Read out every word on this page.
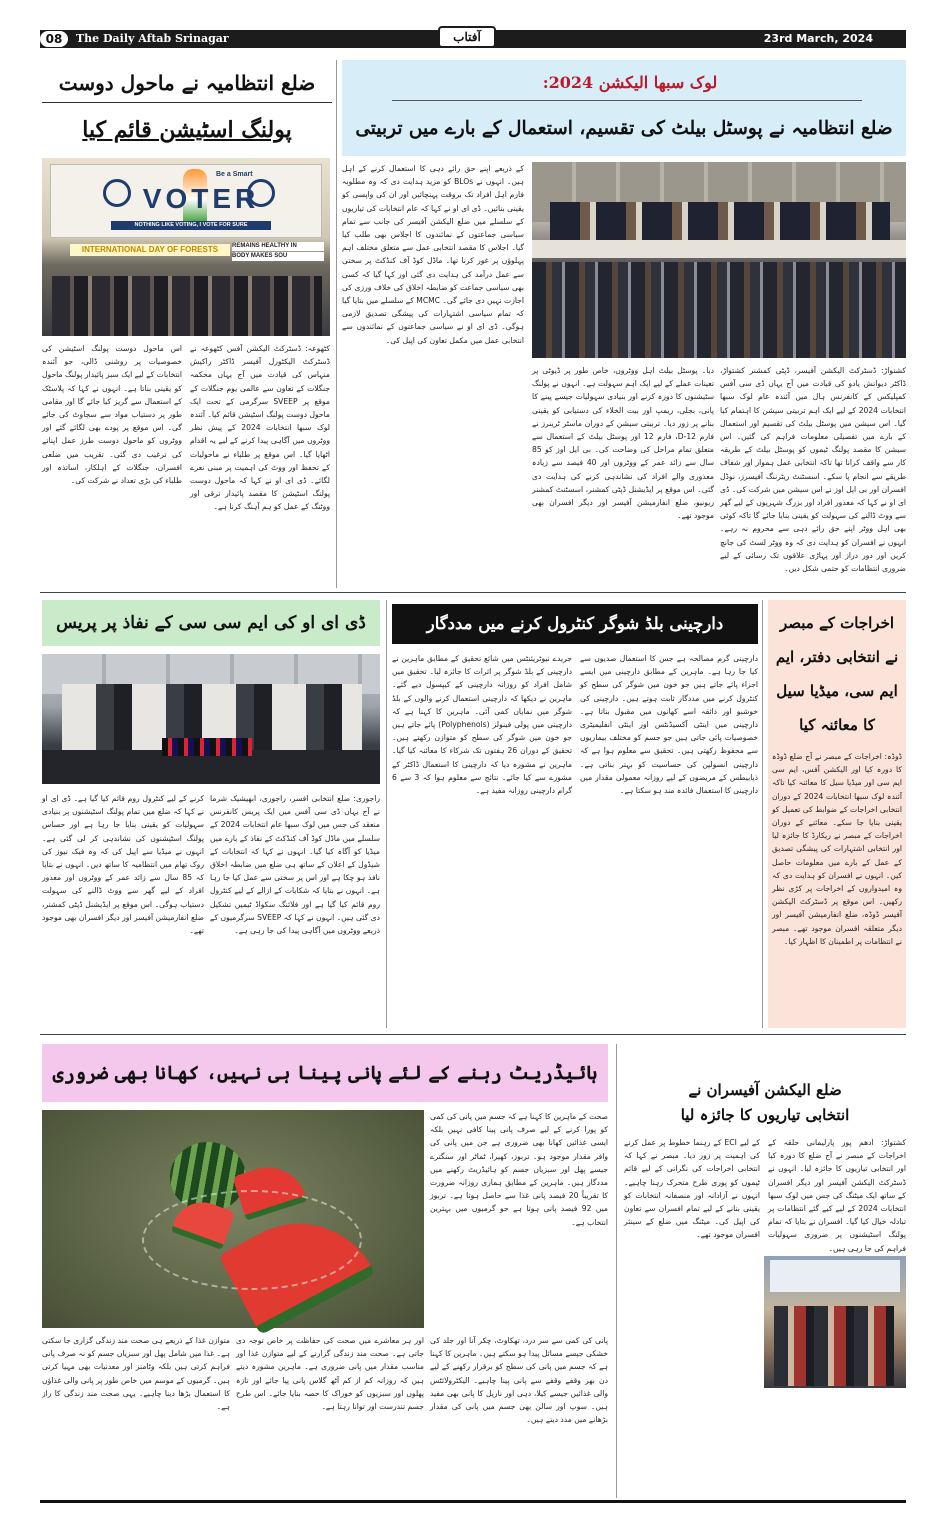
08	The Daily Aftab Srinagar	آفتاب	23rd March, 2024
ضلع انتظامیہ نے ماحول دوست
پولنگ اسٹیشن قائم کیا
Be a Smart
VOTER
NOTHING LIKE VOTING, I VOTE FOR SURE
INTERNATIONAL DAY OF FORESTS	REMAINS HEALTHY IN
BODY MAKES SOU
اس ماحول دوست پولنگ اسٹیشن کی خصوصیات پر روشنی ڈالی، جو آئندہ انتخابات کے لیے ایک سبز پائیدار پولنگ ماحول کو یقینی بناتا ہے۔ انہوں نے کہا کہ پلاسٹک کے استعمال سے گریز کیا جائے گا اور مقامی طور پر دستیاب مواد سے سجاوٹ کی جائے گی۔ اس موقع پر پودے بھی لگائے گئے اور ووٹروں کو ماحول دوست طرز عمل اپنانے کی ترغیب دی گئی۔ تقریب میں ضلعی افسران، جنگلات کے اہلکار، اساتذہ اور طلباء کی بڑی تعداد نے شرکت کی۔
کٹھوعہ: ڈسٹرکٹ الیکشن آفس کٹھوعہ نے ڈسٹرکٹ الیکٹورل آفیسر ڈاکٹر راکیش منہاس کی قیادت میں آج یہاں محکمہ جنگلات کے تعاون سے عالمی یوم جنگلات کے موقع پر SVEEP سرگرمی کے تحت ایک ماحول دوست پولنگ اسٹیشن قائم کیا۔ آئندہ لوک سبھا انتخابات 2024 کے پیش نظر ووٹروں میں آگاہی پیدا کرنے کے لیے یہ اقدام اٹھایا گیا۔ اس موقع پر طلباء نے ماحولیات کے تحفظ اور ووٹ کی اہمیت پر مبنی نعرے لگائے۔ ڈی ای او نے کہا کہ ماحول دوست پولنگ اسٹیشن کا مقصد پائیدار ترقی اور ووٹنگ کے عمل کو ہم آہنگ کرنا ہے۔
لوک سبھا الیکشن 2024:
ضلع انتظامیہ نے پوسٹل بیلٹ کی تقسیم، استعمال کے بارے میں تربیتی
کے ذریعے اپنے حق رائے دہی کا استعمال کرنے کے اہل ہیں۔ انہوں نے BLOs کو مزید ہدایت دی کہ وہ مطلوبہ فارم اہل افراد تک بروقت پہنچائیں اور ان کی واپسی کو یقینی بنائیں۔ ڈی ای او نے کہا کہ عام انتخابات کی تیاریوں کے سلسلے میں ضلع الیکشن آفیسر کی جانب سے تمام سیاسی جماعتوں کے نمائندوں کا اجلاس بھی طلب کیا گیا۔ اجلاس کا مقصد انتخابی عمل سے متعلق مختلف اہم پہلوؤں پر غور کرنا تھا۔ ماڈل کوڈ آف کنڈکٹ پر سختی سے عمل درآمد کی ہدایت دی گئی اور کہا گیا کہ کسی بھی سیاسی جماعت کو ضابطہ اخلاق کی خلاف ورزی کی اجازت نہیں دی جائے گی۔ MCMC کے سلسلے میں بتایا گیا کہ تمام سیاسی اشتہارات کی پیشگی تصدیق لازمی ہوگی۔ ڈی ای او نے سیاسی جماعتوں کے نمائندوں سے انتخابی عمل میں مکمل تعاون کی اپیل کی۔
کشتواڑ: ڈسٹرکٹ الیکشن آفیسر، ڈپٹی کمشنر کشتواڑ، ڈاکٹر دیوانش یادو کی قیادت میں آج یہاں ڈی سی آفس کمپلیکس کے کانفرنس ہال میں آئندہ عام لوک سبھا انتخابات 2024 کے لیے ایک اہم تربیتی سیشن کا اہتمام کیا گیا۔ اس سیشن میں پوسٹل بیلٹ کی تقسیم اور استعمال کے بارے میں تفصیلی معلومات فراہم کی گئیں۔ اس سیشن کا مقصد پولنگ ٹیموں کو پوسٹل بیلٹ کے طریقہ کار سے واقف کرانا تھا تاکہ انتخابی عمل ہموار اور شفاف طریقے سے انجام پا سکے۔ اسسٹنٹ ریٹرننگ آفیسرز، نوڈل افسران اور بی ایل اوز نے اس سیشن میں شرکت کی۔ ڈی ای او نے کہا کہ معذور افراد اور بزرگ شہریوں کے لیے گھر سے ووٹ ڈالنے کی سہولت کو یقینی بنایا جائے گا تاکہ کوئی بھی اہل ووٹر اپنے حق رائے دہی سے محروم نہ رہے۔ انہوں نے افسران کو ہدایت دی کہ وہ ووٹر لسٹ کی جانچ کریں اور دور دراز اور پہاڑی علاقوں تک رسائی کے لیے ضروری انتظامات کو حتمی شکل دیں۔
دیا۔ پوسٹل بیلٹ اہل ووٹروں، خاص طور پر ڈیوٹی پر تعینات عملے کے لیے ایک اہم سہولت ہے۔ انہوں نے پولنگ سٹیشنوں کا دورہ کرنے اور بنیادی سہولیات جیسے پینے کا پانی، بجلی، ریمپ اور بیت الخلاء کی دستیابی کو یقینی بنانے پر زور دیا۔ تربیتی سیشن کے دوران ماسٹر ٹرینرز نے فارم 12-D، فارم 12 اور پوسٹل بیلٹ کے استعمال سے متعلق تمام مراحل کی وضاحت کی۔ بی ایل اوز کو 85 سال سے زائد عمر کے ووٹروں اور 40 فیصد سے زیادہ معذوری والے افراد کی نشاندہی کرنے کی ہدایت دی گئی۔ اس موقع پر ایڈیشنل ڈپٹی کمشنر، اسسٹنٹ کمشنر ریونیو، ضلع انفارمیشن آفیسر اور دیگر افسران بھی موجود تھے۔
ڈی ای او کی ایم سی سی کے نفاذ پر پریس
راجوری: ضلع انتخابی افسر، راجوری، ابھیشیک شرما نے آج یہاں ڈی سی آفس میں ایک پریس کانفرنس منعقد کی جس میں لوک سبھا عام انتخابات 2024 کے سلسلے میں ماڈل کوڈ آف کنڈکٹ کے نفاذ کے بارے میں میڈیا کو آگاہ کیا گیا۔ انہوں نے کہا کہ انتخابات کے شیڈول کے اعلان کے ساتھ ہی ضلع میں ضابطہ اخلاق نافذ ہو چکا ہے اور اس پر سختی سے عمل کیا جا رہا ہے۔ انہوں نے بتایا کہ شکایات کے ازالے کے لیے کنٹرول روم قائم کیا گیا ہے اور فلائنگ سکواڈ ٹیمیں تشکیل دی گئی ہیں۔ انہوں نے کہا کہ SVEEP سرگرمیوں کے ذریعے ووٹروں میں آگاہی پیدا کی جا رہی ہے۔
کرنے کے لیے کنٹرول روم قائم کیا گیا ہے۔ ڈی ای او نے کہا کہ ضلع میں تمام پولنگ اسٹیشنوں پر بنیادی سہولیات کو یقینی بنایا جا رہا ہے اور حساس پولنگ اسٹیشنوں کی نشاندہی کر لی گئی ہے۔ انہوں نے میڈیا سے اپیل کی کہ وہ فیک نیوز کی روک تھام میں انتظامیہ کا ساتھ دیں۔ انہوں نے بتایا کہ 85 سال سے زائد عمر کے ووٹروں اور معذور افراد کے لیے گھر سے ووٹ ڈالنے کی سہولت دستیاب ہوگی۔ اس موقع پر ایڈیشنل ڈپٹی کمشنر، ضلع انفارمیشن آفیسر اور دیگر افسران بھی موجود تھے۔
دارچینی بلڈ شوگر کنٹرول کرنے میں مددگار
دارچینی گرم مصالحہ ہے جس کا استعمال صدیوں سے کیا جا رہا ہے۔ ماہرین کے مطابق دارچینی میں ایسے اجزاء پائے جاتے ہیں جو خون میں شوگر کی سطح کو کنٹرول کرنے میں مددگار ثابت ہوتے ہیں۔ دارچینی کی خوشبو اور ذائقہ اسے کھانوں میں مقبول بناتا ہے۔ دارچینی میں اینٹی آکسیڈنٹس اور اینٹی انفلیمیٹری خصوصیات پائی جاتی ہیں جو جسم کو مختلف بیماریوں سے محفوظ رکھتی ہیں۔ تحقیق سے معلوم ہوا ہے کہ دارچینی انسولین کی حساسیت کو بہتر بناتی ہے۔ ذیابیطس کے مریضوں کے لیے روزانہ معمولی مقدار میں دارچینی کا استعمال فائدہ مند ہو سکتا ہے۔
جریدے نیوٹریئنٹس میں شائع تحقیق کے مطابق ماہرین نے دارچینی کے بلڈ شوگر پر اثرات کا جائزہ لیا۔ تحقیق میں شامل افراد کو روزانہ دارچینی کے کیپسول دیے گئے۔ ماہرین نے دیکھا کہ دارچینی استعمال کرنے والوں کے بلڈ شوگر میں نمایاں کمی آئی۔ ماہرین کا کہنا ہے کہ دارچینی میں پولی فینولز (Polyphenols) پائے جاتے ہیں جو خون میں شوگر کی سطح کو متوازن رکھتے ہیں۔ تحقیق کے دوران 26 ہفتوں تک شرکاء کا معائنہ کیا گیا۔ ماہرین نے مشورہ دیا کہ دارچینی کا استعمال ڈاکٹر کے مشورے سے کیا جائے۔ نتائج سے معلوم ہوا کہ 3 سے 6 گرام دارچینی روزانہ مفید ہے۔
اخراجات کے مبصر نے انتخابی دفتر، ایم ایم سی، میڈیا سیل کا معائنہ کیا
ڈوڈہ: اخراجات کے مبصر نے آج ضلع ڈوڈہ کا دورہ کیا اور الیکشن آفس، ایم سی ایم سی اور میڈیا سیل کا معائنہ کیا تاکہ آئندہ لوک سبھا انتخابات 2024 کے دوران انتخابی اخراجات کے ضوابط کی تعمیل کو یقینی بنایا جا سکے۔ معائنے کے دوران اخراجات کے مبصر نے ریکارڈ کا جائزہ لیا اور انتخابی اشتہارات کی پیشگی تصدیق کے عمل کے بارے میں معلومات حاصل کیں۔ انہوں نے افسران کو ہدایت دی کہ وہ امیدواروں کے اخراجات پر کڑی نظر رکھیں۔ اس موقع پر ڈسٹرکٹ الیکشن آفیسر ڈوڈہ، ضلع انفارمیشن آفیسر اور دیگر متعلقہ افسران موجود تھے۔ مبصر نے انتظامات پر اطمینان کا اظہار کیا۔
ہائیڈریٹ رہنے کے لئے پانی پینا ہی نہیں، کھانا بھی ضروری
صحت کے ماہرین کا کہنا ہے کہ جسم میں پانی کی کمی کو پورا کرنے کے لیے صرف پانی پینا کافی نہیں بلکہ ایسی غذائیں کھانا بھی ضروری ہے جن میں پانی کی وافر مقدار موجود ہو۔ تربوز، کھیرا، ٹماٹر اور سنگترے جیسے پھل اور سبزیاں جسم کو ہائیڈریٹ رکھنے میں مددگار ہیں۔ ماہرین کے مطابق ہماری روزانہ ضرورت کا تقریباً 20 فیصد پانی غذا سے حاصل ہوتا ہے۔ تربوز میں 92 فیصد پانی ہوتا ہے جو گرمیوں میں بہترین انتخاب ہے۔
پانی کی کمی سے سر درد، تھکاوٹ، چکر آنا اور جلد کی خشکی جیسے مسائل پیدا ہو سکتے ہیں۔ ماہرین کا کہنا ہے کہ جسم میں پانی کی سطح کو برقرار رکھنے کے لیے دن بھر وقفے وقفے سے پانی پینا چاہیے۔ الیکٹرولائٹس والی غذائیں جیسے کیلا، دہی اور ناریل کا پانی بھی مفید ہیں۔ سوپ اور سالن بھی جسم میں پانی کی مقدار بڑھانے میں مدد دیتے ہیں۔
اور ہر معاشرے میں صحت کی حفاظت پر خاص توجہ دی جاتی ہے۔ صحت مند زندگی گزارنے کے لیے متوازن غذا اور مناسب مقدار میں پانی ضروری ہے۔ ماہرین مشورہ دیتے ہیں کہ روزانہ کم از کم آٹھ گلاس پانی پیا جائے اور تازہ پھلوں اور سبزیوں کو خوراک کا حصہ بنایا جائے۔ اس طرح جسم تندرست اور توانا رہتا ہے۔
متوازن غذا کے ذریعے ہی صحت مند زندگی گزاری جا سکتی ہے۔ غذا میں شامل پھل اور سبزیاں جسم کو نہ صرف پانی فراہم کرتی ہیں بلکہ وٹامنز اور معدنیات بھی مہیا کرتی ہیں۔ گرمیوں کے موسم میں خاص طور پر پانی والی غذاؤں کا استعمال بڑھا دینا چاہیے۔ یہی صحت مند زندگی کا راز ہے۔
ضلع الیکشن آفیسران نے
انتخابی تیاریوں کا جائزہ لیا
کشتواڑ: ادھم پور پارلیمانی حلقہ کے اخراجات کے مبصر نے آج ضلع کا دورہ کیا اور انتخابی تیاریوں کا جائزہ لیا۔ انہوں نے ڈسٹرکٹ الیکشن آفیسر اور دیگر افسران کے ساتھ ایک میٹنگ کی جس میں لوک سبھا انتخابات 2024 کے لیے کیے گئے انتظامات پر تبادلہ خیال کیا گیا۔ افسران نے بتایا کہ تمام پولنگ اسٹیشنوں پر ضروری سہولیات فراہم کی جا رہی ہیں۔
کے لیے ECI کے رہنما خطوط پر عمل کرنے کی اہمیت پر زور دیا۔ مبصر نے کہا کہ انتخابی اخراجات کی نگرانی کے لیے قائم ٹیموں کو پوری طرح متحرک رہنا چاہیے۔ انہوں نے آزادانہ اور منصفانہ انتخابات کو یقینی بنانے کے لیے تمام افسران سے تعاون کی اپیل کی۔ میٹنگ میں ضلع کے سینئر افسران موجود تھے۔
